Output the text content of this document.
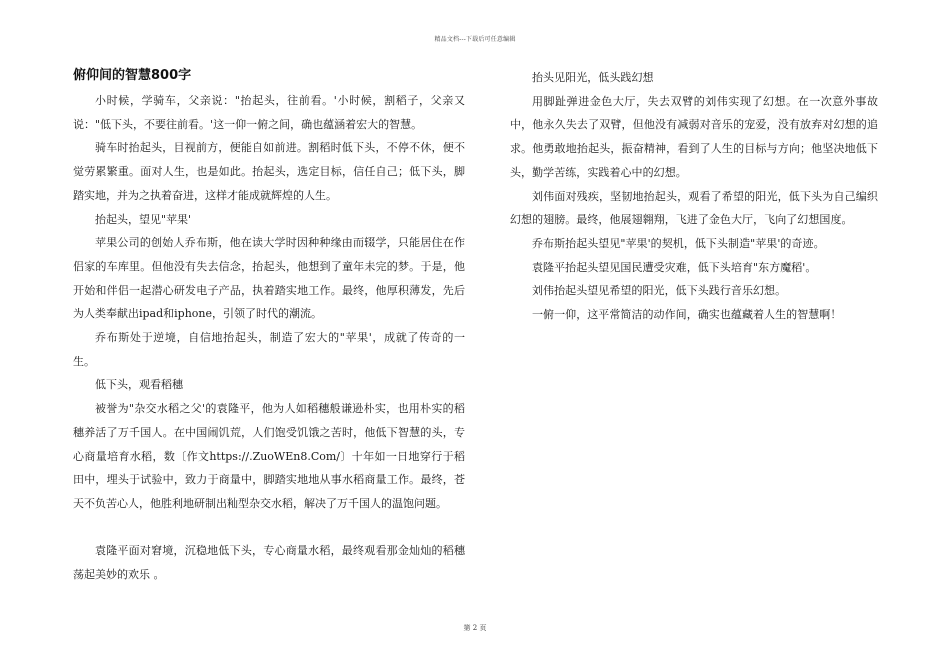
精品文档---下载后可任意编辑
俯仰间的智慧800字

小时候，学骑车，父亲说："抬起头，往前看。'小时候，割稻子，父亲又说："低下头，不要往前看。'这一仰一俯之间，确也蕴涵着宏大的智慧。

骑车时抬起头，目视前方，便能自如前进。割稻时低下头，不停不休，便不觉劳累繁重。面对人生，也是如此。抬起头，选定目标，信任自己；低下头，脚踏实地，并为之执着奋进，这样才能成就辉煌的人生。

抬起头，望见"苹果'

苹果公司的创始人乔布斯，他在读大学时因种种缘由而辍学，只能居住在作侣家的车库里。但他没有失去信念，抬起头，他想到了童年未完的梦。于是，他开始和伴侣一起潜心研发电子产品，执着踏实地工作。最终，他厚积薄发，先后为人类奉献出ipad和iphone，引领了时代的潮流。

乔布斯处于逆境，自信地抬起头，制造了宏大的"苹果'，成就了传奇的一生。

低下头，观看稻穗

被誉为"杂交水稻之父'的袁隆平，他为人如稻穗般谦逊朴实，也用朴实的稻穗养活了万千国人。在中国闹饥荒，人们饱受饥饿之苦时，他低下智慧的头，专心商量培育水稻，数〔作文https://.ZuoWEn8.Com/〕十年如一日地穿行于稻田中，埋头于试验中，致力于商量中，脚踏实地地从事水稻商量工作。最终，苍天不负苦心人，他胜利地研制出籼型杂交水稻，解决了万千国人的温饱问题。

袁隆平面对窘境，沉稳地低下头，专心商量水稻，最终观看那金灿灿的稻穗荡起美妙的欢乐 。

抬头见阳光，低头践幻想

用脚趾弹进金色大厅，失去双臂的刘伟实现了幻想。在一次意外事故中，他永久失去了双臂，但他没有减弱对音乐的宠爱，没有放弃对幻想的追求。他勇敢地抬起头，振奋精神，看到了人生的目标与方向；他坚决地低下头，勤学苦练，实践着心中的幻想。

刘伟面对残疾，坚韧地抬起头，观看了希望的阳光，低下头为自己编织幻想的翅膀。最终，他展翅翱翔，飞进了金色大厅，飞向了幻想国度。

乔布斯抬起头望见"苹果'的契机，低下头制造"苹果'的奇迹。

袁隆平抬起头望见国民遭受灾难，低下头培育"东方魔稻'。

刘伟抬起头望见希望的阳光，低下头践行音乐幻想。

一俯一仰，这平常简洁的动作间，确实也蕴藏着人生的智慧啊！

第 2 页
